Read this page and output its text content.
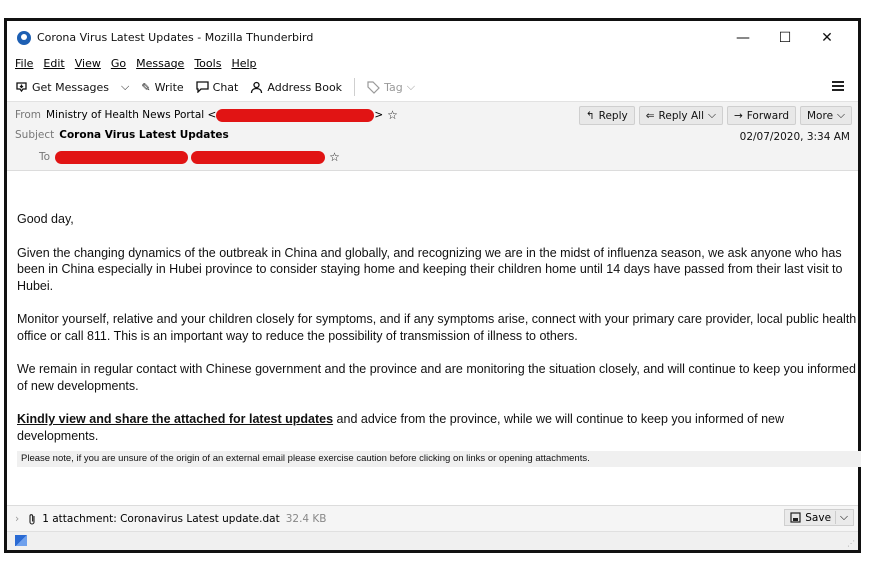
Corona Virus Latest Updates - Mozilla Thunderbird	—	☐	✕
File Edit View Go Message Tools Help
Get Messages ⌵ ✎ Write	Chat	Address Book	Tag ⌵
From Ministry of Health News Portal <	> ☆
Subject Corona Virus Latest Updates
To	☆
↰ Reply ⇐ Reply All ⌵ → Forward More ⌵
02/07/2020, 3:34 AM

Good day,

Given the changing dynamics of the outbreak in China and globally, and recognizing we are in the midst of influenza season, we ask anyone who has been in China especially in Hubei province to consider staying home and keeping their children home until 14 days have passed from their last visit to Hubei.

Monitor yourself, relative and your children closely for symptoms, and if any symptoms arise, connect with your primary care provider, local public health office or call 811. This is an important way to reduce the possibility of transmission of illness to others.

We remain in regular contact with Chinese government and the province and are monitoring the situation closely, and will continue to keep you informed of new developments.

Kindly view and share the attached for latest updates and advice from the province, while we will continue to keep you informed of new developments.

Please note, if you are unsure of the origin of an external email please exercise caution before clicking on links or opening attachments.
› 1 attachment: Coronavirus Latest update.dat 32.4 KB	Save ⌵
⋰
